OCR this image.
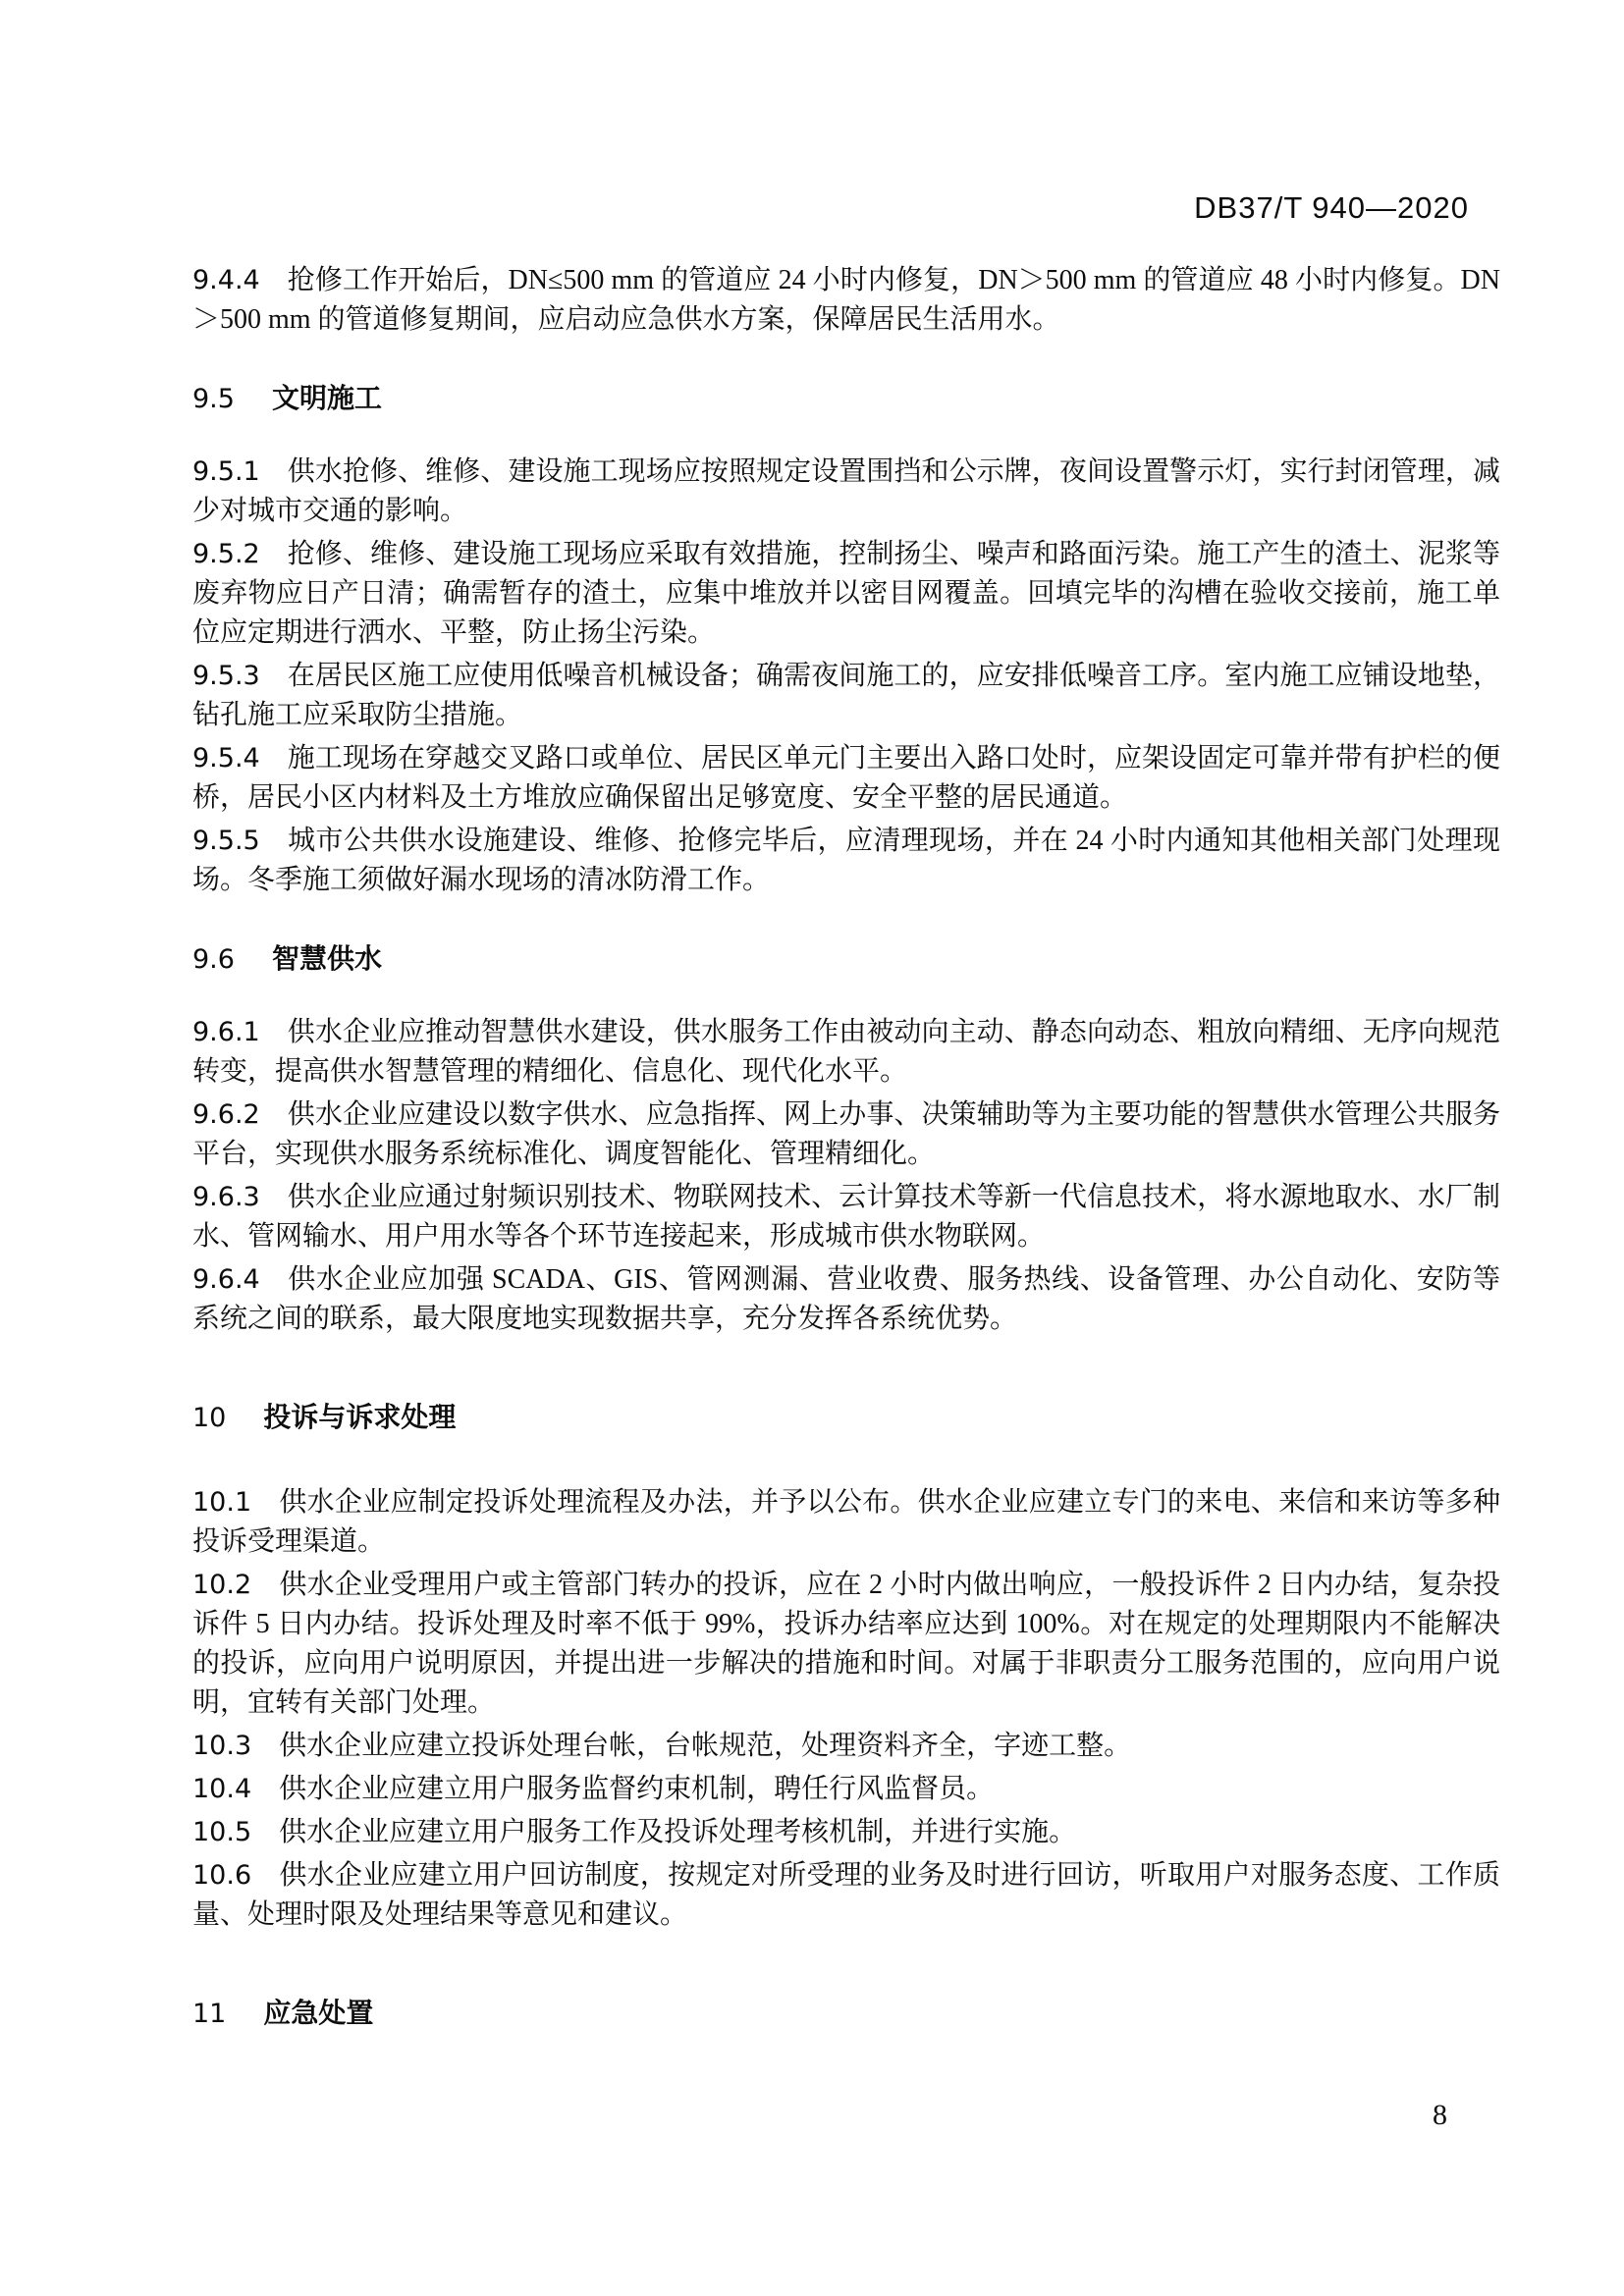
DB37/T 940—2020

9.4.4 抢修工作开始后，DN≤500 mm 的管道应 24 小时内修复，DN＞500 mm 的管道应 48 小时内修复。DN＞500 mm 的管道修复期间，应启动应急供水方案，保障居民生活用水。

9.5 文明施工

9.5.1 供水抢修、维修、建设施工现场应按照规定设置围挡和公示牌，夜间设置警示灯，实行封闭管理，减少对城市交通的影响。

9.5.2 抢修、维修、建设施工现场应采取有效措施，控制扬尘、噪声和路面污染。施工产生的渣土、泥浆等废弃物应日产日清；确需暂存的渣土，应集中堆放并以密目网覆盖。回填完毕的沟槽在验收交接前，施工单位应定期进行洒水、平整，防止扬尘污染。

9.5.3 在居民区施工应使用低噪音机械设备；确需夜间施工的，应安排低噪音工序。室内施工应铺设地垫，钻孔施工应采取防尘措施。

9.5.4 施工现场在穿越交叉路口或单位、居民区单元门主要出入路口处时，应架设固定可靠并带有护栏的便桥，居民小区内材料及土方堆放应确保留出足够宽度、安全平整的居民通道。

9.5.5 城市公共供水设施建设、维修、抢修完毕后，应清理现场，并在 24 小时内通知其他相关部门处理现场。冬季施工须做好漏水现场的清冰防滑工作。

9.6 智慧供水

9.6.1 供水企业应推动智慧供水建设，供水服务工作由被动向主动、静态向动态、粗放向精细、无序向规范转变，提高供水智慧管理的精细化、信息化、现代化水平。

9.6.2 供水企业应建设以数字供水、应急指挥、网上办事、决策辅助等为主要功能的智慧供水管理公共服务平台，实现供水服务系统标准化、调度智能化、管理精细化。

9.6.3 供水企业应通过射频识别技术、物联网技术、云计算技术等新一代信息技术，将水源地取水、水厂制水、管网输水、用户用水等各个环节连接起来，形成城市供水物联网。

9.6.4 供水企业应加强 SCADA、GIS、管网测漏、营业收费、服务热线、设备管理、办公自动化、安防等系统之间的联系，最大限度地实现数据共享，充分发挥各系统优势。

10 投诉与诉求处理

10.1 供水企业应制定投诉处理流程及办法，并予以公布。供水企业应建立专门的来电、来信和来访等多种投诉受理渠道。

10.2 供水企业受理用户或主管部门转办的投诉，应在 2 小时内做出响应，一般投诉件 2 日内办结，复杂投诉件 5 日内办结。投诉处理及时率不低于 99%，投诉办结率应达到 100%。对在规定的处理期限内不能解决的投诉，应向用户说明原因，并提出进一步解决的措施和时间。对属于非职责分工服务范围的，应向用户说明，宜转有关部门处理。

10.3 供水企业应建立投诉处理台帐，台帐规范，处理资料齐全，字迹工整。

10.4 供水企业应建立用户服务监督约束机制，聘任行风监督员。

10.5 供水企业应建立用户服务工作及投诉处理考核机制，并进行实施。

10.6 供水企业应建立用户回访制度，按规定对所受理的业务及时进行回访，听取用户对服务态度、工作质量、处理时限及处理结果等意见和建议。

11 应急处置
8
